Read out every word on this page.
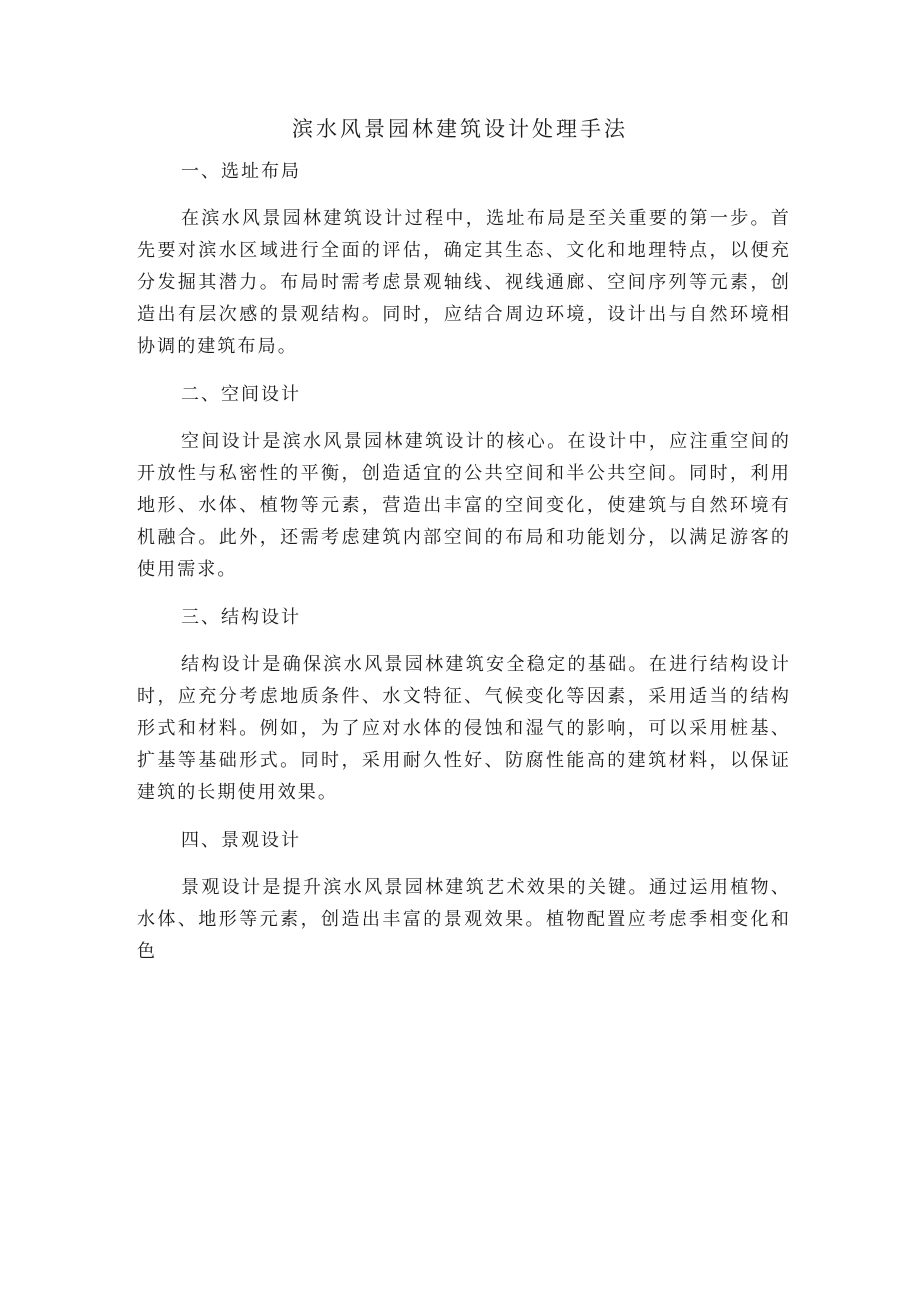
滨水风景园林建筑设计处理手法
一、选址布局

在滨水风景园林建筑设计过程中，选址布局是至关重要的第一步。首先要对滨水区域进行全面的评估，确定其生态、文化和地理特点，以便充分发掘其潜力。布局时需考虑景观轴线、视线通廊、空间序列等元素，创造出有层次感的景观结构。同时，应结合周边环境，设计出与自然环境相协调的建筑布局。

二、空间设计

空间设计是滨水风景园林建筑设计的核心。在设计中，应注重空间的开放性与私密性的平衡，创造适宜的公共空间和半公共空间。同时，利用地形、水体、植物等元素，营造出丰富的空间变化，使建筑与自然环境有机融合。此外，还需考虑建筑内部空间的布局和功能划分，以满足游客的使用需求。

三、结构设计

结构设计是确保滨水风景园林建筑安全稳定的基础。在进行结构设计时，应充分考虑地质条件、水文特征、气候变化等因素，采用适当的结构形式和材料。例如，为了应对水体的侵蚀和湿气的影响，可以采用桩基、扩基等基础形式。同时，采用耐久性好、防腐性能高的建筑材料，以保证建筑的长期使用效果。

四、景观设计

景观设计是提升滨水风景园林建筑艺术效果的关键。通过运用植物、水体、地形等元素，创造出丰富的景观效果。植物配置应考虑季相变化和色
